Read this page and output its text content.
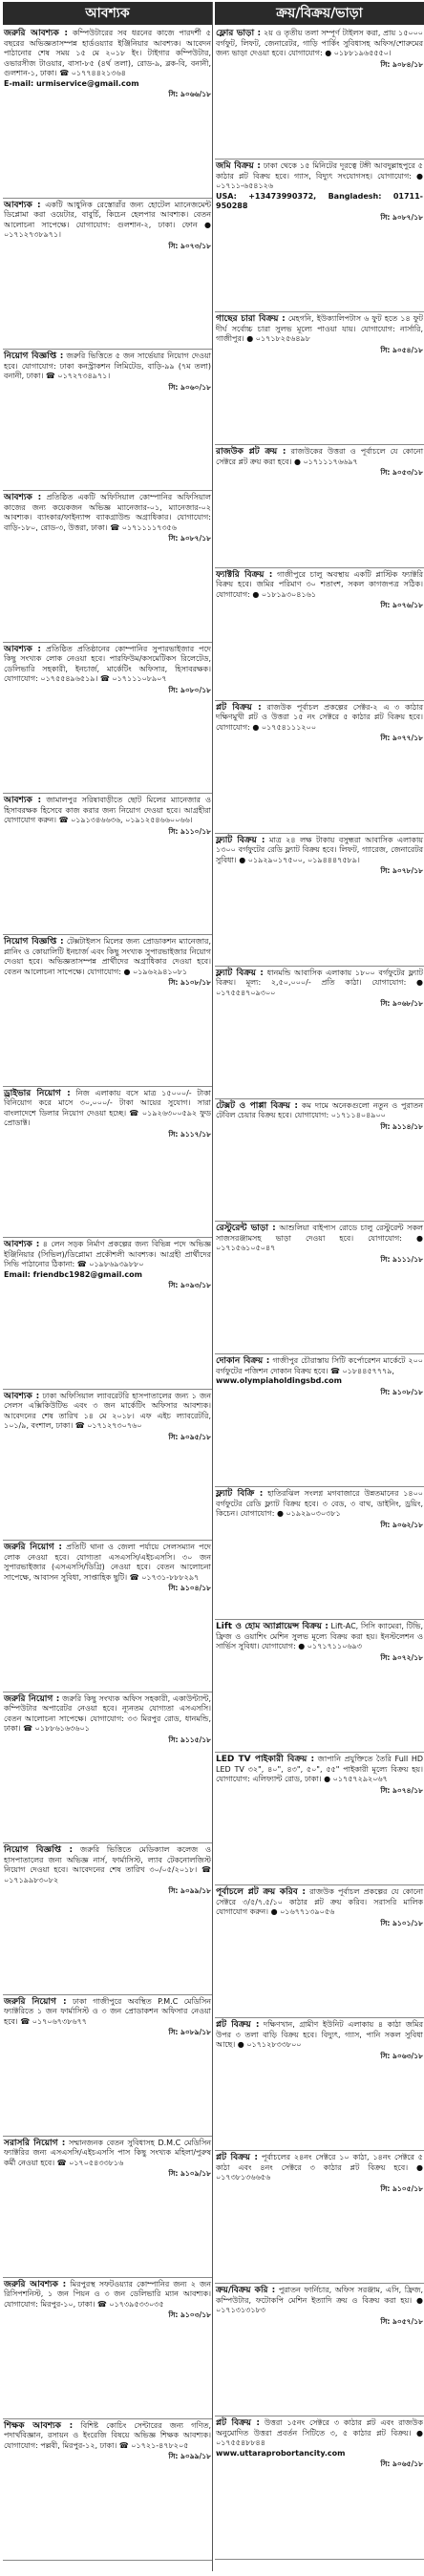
আবশ্যক
জরুরি আবশ্যক : কম্পিউটারের সব ধরনের কাজে পারদর্শী ৫ বছরের অভিজ্ঞতাসম্পন্ন হার্ডওয়্যার ইঞ্জিনিয়ার আবশ্যক। আবেদন পাঠানোর শেষ সময় ১৫ মে ২০১৮ ইং। টাইগার কম্পিউটার, ওভারসীজ টাওয়ার, বাসা-৮৫ (৪র্থ তলা), রোড-৯, ব্লক-বি, বনানী, গুলশান-১, ঢাকা। ☎ ০১৭৭৪৪২১৩৬৪
E-mail: urmiservice@gmail.com
সি: ৯০৬৬/১৮
আবশ্যক : একটি আধুনিক রেস্তোরাঁর জন্য হোটেল ম্যানেজমেন্ট ডিপ্লোমা করা ওয়েটার, বাবুর্চি, কিচেন হেলপার আবশ্যক। বেতন আলোচনা সাপেক্ষে। যোগাযোগ: গুলশান-২, ঢাকা। ফোন ● ০১৭১২৭৩৮৯৭১।
সি: ৯০৭৩/১৮
নিয়োগ বিজ্ঞপ্তি : জরুরি ভিত্তিতে ৫ জন সার্ভেয়ার নিয়োগ দেওয়া হবে। যোগাযোগ: ঢাকা কনস্ট্রাকশন লিমিটেড, বাড়ি-৯৯ (৭ম তলা) বনানী, ঢাকা। ☎ ০১৭২৭৩৪৯৭১।
সি: ৯০৬০/১৮
আবশ্যক : প্রতিষ্ঠিত একটি অফিসিয়াল কোম্পানির অফিসিয়াল কাজের জন্য কয়েকজন অভিজ্ঞ ম্যানেজার-০১, ম্যানেজার-০২ আবশ্যক। ব্যাংকার/ফাইন্যান্স ব্যাকগ্রাউন্ড অগ্রাধিকার। যোগাযোগ: বাড়ি-১৮০, রোড-৩, উত্তরা, ঢাকা। ☎ ০১৭১১১১৭৩৫৬
সি: ৯০৮৭/১৮
আবশ্যক : প্রতিষ্ঠিত প্রতিষ্ঠানের কোম্পানির সুপারভাইজার পদে কিছু সংখ্যক লোক নেওয়া হবে। পারফিউম/কসমেটিকস রিলেটেড, ডেলিভারি সহকারী, ইনচার্জ, মার্কেটিং অফিসার, হিসাবরক্ষক। যোগাযোগ: ০১৭৫৫৪৯৬৫১৯। ☎ ০১৭১১১০৮৯০৭
সি: ৯০৮০/১৮
আবশ্যক : জামালপুর সরিষাবাড়ীতে ছোট মিলের ম্যানেজার ও হিসাবরক্ষক হিসেবে কাজ করার জন্য নিয়োগ দেওয়া হবে। আগ্রহীরা যোগাযোগ করুন। ☎ ০১৯১৩৪৬৬৩৬, ০১৯১২৫৪৬৬০০৬৬।
সি: ৯১১০/১৮
নিয়োগ বিজ্ঞপ্তি : টেক্সটাইলস মিলের জন্য প্রোডাকশন ম্যানেজার, প্লানিং ও কোয়ালিটি ইনচার্জ এবং কিছু সংখ্যক সুপারভাইজার নিয়োগ দেওয়া হবে। অভিজ্ঞতাসম্পন্ন প্রার্থীদের অগ্রাধিকার দেওয়া হবে। বেতন আলোচনা সাপেক্ষে। যোগাযোগ: ● ০১৯৬২৯৪১০৮১
সি: ৯১০৮/১৮
ড্রাইভার নিয়োগ : নিজ এলাকায় বসে মাত্র ১৫০০০/- টাকা বিনিয়োগ করে মাসে ৩০,০০০/- টাকা আয়ের সুযোগ। সারা বাংলাদেশে ডিলার নিয়োগ দেওয়া হচ্ছে। ☎ ০১৯২৬৩০০৫৯২ ফুড প্রোডাক্ট।
সি: ৯১১৭/১৮
আবশ্যক : ৪ লেন সড়ক নির্মাণ প্রকল্পের জন্য বিভিন্ন পদে অভিজ্ঞ ইঞ্জিনিয়ার (সিভিল)/ডিপ্লোমা প্রকৌশলী আবশ্যক। আগ্রহী প্রার্থীদের সিভি পাঠানোর ঠিকানা: ☎ ০১৯৮৬৯৩৯৮৮০
Email: friendbc1982@gmail.com
সি: ৯০৯৩/১৮
আবশ্যক : ঢাকা অফিসিয়াল ল্যাবরেটরি হাসপাতালের জন্য ১ জন সেলস এক্সিকিউটিভ এবং ৩ জন মার্কেটিং অফিসার আবশ্যক। আবেদনের শেষ তারিখ ১৪ মে ২০১৮। এফ এইচ ল্যাবরেটরি, ১০১/৯, বংশাল, ঢাকা। ☎ ০১৭১২৭৩০৭৬০
সি: ৯০৯৫/১৮
জরুরি নিয়োগ : প্রতিটি থানা ও জেলা পর্যায়ে সেলসম্যান পদে লোক নেওয়া হবে। যোগ্যতা এসএসসি/এইচএসসি। ৩০ জন সুপারভাইজার (এসএসসি/ডিগ্রি) নেওয়া হবে। বেতন আলোচনা সাপেক্ষে, আবাসন সুবিধা, সাপ্তাহিক ছুটি। ☎ ০১৭৩১-৮৮৮২৯৭
সি: ৯১০৪/১৮
জরুরি নিয়োগ : জরুরি কিছু সংখ্যক অফিস সহকারী, একাউন্ট্যান্ট, কম্পিউটার অপারেটর নেওয়া হবে। ন্যূনতম যোগ্যতা এসএসসি। বেতন আলোচনা সাপেক্ষে। যোগাযোগ: ৩৩ মিরপুর রোড, ধানমন্ডি, ঢাকা। ☎ ০১৮৮৬১৬৩৬০১
সি: ৯১১৫/১৮
নিয়োগ বিজ্ঞপ্তি : জরুরি ভিত্তিতে মেডিক্যাল কলেজ ও হাসপাতালের জন্য অভিজ্ঞ নার্স, ফার্মাসিস্ট, ল্যাব টেকনোলজিস্ট নিয়োগ দেওয়া হবে। আবেদনের শেষ তারিখ ৩০/০৫/২০১৮। ☎ ০১৭১৯৯৮৩০৮২
সি: ৯০৯৯/১৮
জরুরি নিয়োগ : ঢাকা গাজীপুরে অবস্থিত P.M.C মেডিসিন ফ্যাক্টরিতে ১ জন ফার্মাসিস্ট ও ৩ জন প্রোডাকশন অফিসার নেওয়া হবে। ☎ ০১৭০৬৭৩৮৬৭৭
সি: ৯০৮৯/১৮
সরাসরি নিয়োগ : সম্মানজনক বেতন সুবিধাসহ D.M.C মেডিসিন ফ্যাক্টরির জন্য এসএসসি/এইচএসসি পাস কিছু সংখ্যক মহিলা/পুরুষ কর্মী নেওয়া হবে। ☎ ০১৭০৫৪৩৩৮১৬
সি: ৯১০৯/১৮
জরুরি আবশ্যক : মিরপুরস্থ সফটওয়্যার কোম্পানির জন্য ২ জন রিসিপশনিস্ট, ১ জন পিয়ন ও ৩ জন ডেলিভারি ম্যান আবশ্যক। যোগাযোগ: মিরপুর-১০, ঢাকা। ☎ ০১৭৩৯৫৩৩০৩৫
সি: ৯১০৩/১৮
শিক্ষক আবশ্যক : বিশিষ্ট কোচিং সেন্টারের জন্য গণিত, পদার্থবিজ্ঞান, রসায়ন ও ইংরেজি বিষয়ে অভিজ্ঞ শিক্ষক আবশ্যক। যোগাযোগ: পল্লবী, মিরপুর-১২, ঢাকা। ☎ ০১৭২১-৪৭৮২০৫
সি: ৯০৯৯/১৮
ক্রয়/বিক্রয়/ভাড়া
ফ্লোর ভাড়া : ২য় ও তৃতীয় তলা সম্পূর্ণ টাইলস করা, প্রায় ১৫০০০ বর্গফুট, লিফট, জেনারেটর, গাড়ি পার্কিং সুবিধাসহ অফিস/শোরুমের জন্য ভাড়া দেওয়া হবে। যোগাযোগ: ● ০১৮৮১৯৬৫৫৫০।
সি: ৯০৮৪/১৮
জমি বিক্রয় : ঢাকা থেকে ১৫ মিনিটের দূরত্বে টঙ্গী আবদুল্লাহপুরে ৫ কাঠার প্লট বিক্রয় হবে। গ্যাস, বিদ্যুৎ সংযোগসহ। যোগাযোগ: ● ০১৭১১-৬৫৪১২৬
USA: +13473990372, Bangladesh: 01711-950288
সি: ৯০৮৭/১৮
গাছের চারা বিক্রয় : মেহগনি, ইউক্যালিপটাস ৬ ফুট হতে ১৪ ফুট দীর্ঘ সর্বোচ্চ চারা সুলভ মূল্যে পাওয়া যায়। যোগাযোগ: নার্সারি, গাজীপুর। ● ০১৭১৮২৫৬৪৯৮
সি: ৯০৫৪/১৮
রাজউক প্লট ক্রয় : রাজউকের উত্তরা ও পূর্বাচলে যে কোনো সেক্টরে প্লট ক্রয় করা হবে। ● ০১৭১১১৭৬৬৯৭
সি: ৯০৫৩/১৮
ফ্যাক্টরি বিক্রয় : গাজীপুরে চালু অবস্থায় একটি প্লাস্টিক ফ্যাক্টরি বিক্রয় হবে। জমির পরিমাণ ৩০ শতাংশ, সকল কাগজপত্র সঠিক। যোগাযোগ: ● ০১৮১৯৩০৪১৬১
সি: ৯০৭৬/১৮
প্লট বিক্রয় : রাজউক পূর্বাচল প্রকল্পের সেক্টর-২ এ ৩ কাঠার দক্ষিণমুখী প্লট ও উত্তরা ১৫ নং সেক্টরে ৫ কাঠার প্লট বিক্রয় হবে। যোগাযোগ: ● ০১৭৫৪১১১২০০
সি: ৯০৭৭/১৮
ফ্ল্যাট বিক্রয় : মাত্র ২৪ লক্ষ টাকায় বসুন্ধরা আবাসিক এলাকায় ১৩০০ বর্গফুটের রেডি ফ্ল্যাট বিক্রয় হবে। লিফট, গ্যারেজ, জেনারেটর সুবিধা। ● ০১৯২৯০১৭৫০০, ০১৯৪৪৪৭৫৮৯।
সি: ৯০৭৮/১৮
ফ্ল্যাট বিক্রয় : ধানমন্ডি আবাসিক এলাকায় ১৮০০ বর্গফুটের ফ্ল্যাট বিক্রয়। মূল্য: ২,৫০,০০০/- প্রতি কাঠা। যোগাযোগ: ● ০১৭৫৫৪৭০৯৩০০
সি: ৯০৬৮/১৮
টেক্সট ও পাপ্পা বিক্রয় : কম দামে অনেকগুলো নতুন ও পুরাতন টেবিল চেয়ার বিক্রয় হবে। যোগাযোগ: ০১৭১১৪০৪৯০০
সি: ৯১১৪/১৮
রেস্টুরেন্ট ভাড়া : আশুলিয়া বাইপাস রোডে চালু রেস্টুরেন্ট সকল সাজসরঞ্জামসহ ভাড়া দেওয়া হবে। যোগাযোগ: ● ০১৭১৫৬১০৫০৪৭
সি: ৯১১১/১৮
দোকান বিক্রয় : গাজীপুর চৌরাস্তায় সিটি কর্পোরেশন মার্কেটে ২০০ বর্গফুটের পজিশন দোকান বিক্রয় হবে। ☎ ০১৮৪৪৫৭৭৭৯,
www.olympiaholdingsbd.com
সি: ৯১০৮/১৮
ফ্ল্যাট বিক্রি : হাতিরঝিল সংলগ্ন মগবাজারে উন্নতমানের ১৪০০ বর্গফুটের রেডি ফ্ল্যাট বিক্রয় হবে। ৩ বেড, ৩ বাথ, ডাইনিং, ড্রয়িং, কিচেন। যোগাযোগ: ● ০১৯২৯০৩০৩৮১
সি: ৯০৬২/১৮
Lift ও হোম অ্যাপ্লায়েন্স বিক্রয় : Lift-AC, সিসি ক্যামেরা, টিভি, ফ্রিজ ও ওয়াশিং মেশিন সুলভ মূল্যে বিক্রয় করা হয়। ইনস্টলেশন ও সার্ভিস সুবিধা। যোগাযোগ: ● ০১৭১৭১১০৬৯৩
সি: ৯০৭২/১৮
LED TV পাইকারী বিক্রয় : জাপানি প্রযুক্তিতে তৈরি Full HD LED TV ৩২", ৪০", ৪৩", ৫০", ৫৫" পাইকারী মূল্যে বিক্রয় হয়। যোগাযোগ: এলিফ্যান্ট রোড, ঢাকা। ● ০১৭৫৭২৯২০৬৭
সি: ৯০৭৪/১৮
পূর্বাচলে প্লট ক্রয় করিব : রাজউক পূর্বাচল প্রকল্পের যে কোনো সেক্টরে ৩/৫/৭.৫/১০ কাঠার প্লট ক্রয় করিব। সরাসরি মালিক যোগাযোগ করুন। ● ০১৬৭৭১৩৯০৫৬
সি: ৯১০১/১৮
প্লট বিক্রয় : দক্ষিণখান, গ্রামীণ ইউনিট এলাকায় ৪ কাঠা জমির উপর ৩ তলা বাড়ি বিক্রয় হবে। বিদ্যুৎ, গ্যাস, পানি সকল সুবিধা আছে। ● ০১৭১২৮৩৩৮০০
সি: ৯০৬৩/১৮
প্লট বিক্রয় : পূর্বাচলের ২৪নং সেক্টরে ১০ কাঠা, ১৪নং সেক্টরে ৫ কাঠা এবং ৪নং সেক্টরে ৩ কাঠার প্লট বিক্রয় হবে। ● ০১৭৩৮১৩৬৬৫৬
সি: ৯১০৫/১৮
ক্রয়/বিক্রয় করি : পুরাতন ফার্নিচার, অফিস সরঞ্জাম, এসি, ফ্রিজ, কম্পিউটার, ফটোকপি মেশিন ইত্যাদি ক্রয় ও বিক্রয় করা হয়। ● ০১৭১৩১৩১৮৩
সি: ৯০৫৭/১৮
প্লট বিক্রয় : উত্তরা ১৫নং সেক্টরে ৩ কাঠার প্লট এবং রাজউক অনুমোদিত উত্তরা প্রবর্তন সিটিতে ৩, ৫ কাঠার প্লট বিক্রয়। ● ০১৭৫৫৪৮৮৪৪
www.uttaraprobortancity.com
সি: ৯০৬৫/১৮
